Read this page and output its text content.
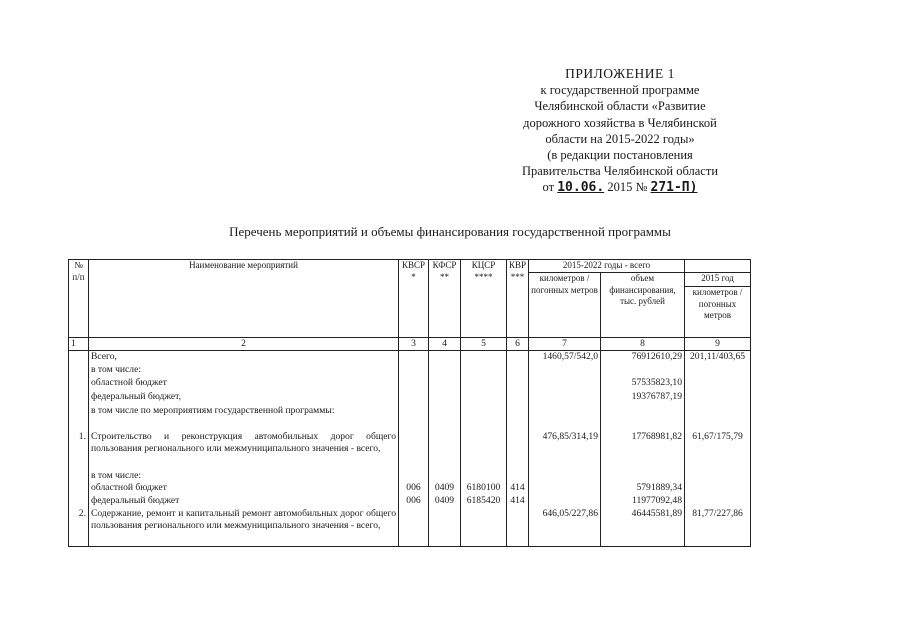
ПРИЛОЖЕНИЕ 1
к государственной программе
Челябинской области «Развитие
дорожного хозяйства в Челябинской
области на 2015-2022 годы»
(в редакции постановления
Правительства Челябинской области
от 10.06. 2015 № 271-П)
Перечень мероприятий и объемы финансирования государственной программы
№ п/п	Наименование мероприятий	КВСР *	КФСР **	КЦСР ****	КВР ***	2015-2022 годы - всего		
						километров / погонных метров	объем финансирования, тыс. рублей	2015 год
								километров / погонных метров
1	2	3	4	5	6	7	8	9
	Всего,					1460,57/542,0	76912610,29	201,11/403,65
	в том числе:							
	областной бюджет						57535823,10	
	федеральный бюджет,						19376787,19	
	в том числе по мероприятиям государственной программы:							
1.	Строительство и реконструкция автомобильных дорог общего пользования регионального или межмуниципального значения - всего,					476,85/314,19	17768981,82	61,67/175,79
	в том числе:							
	областной бюджет	006	0409	6180100	414		5791889,34	
	федеральный бюджет	006	0409	6185420	414		11977092,48	
2.	Содержание, ремонт и капитальный ремонт автомобильных дорог общего пользования регионального или межмуниципального значения - всего,					646,05/227,86	46445581,89	81,77/227,86
